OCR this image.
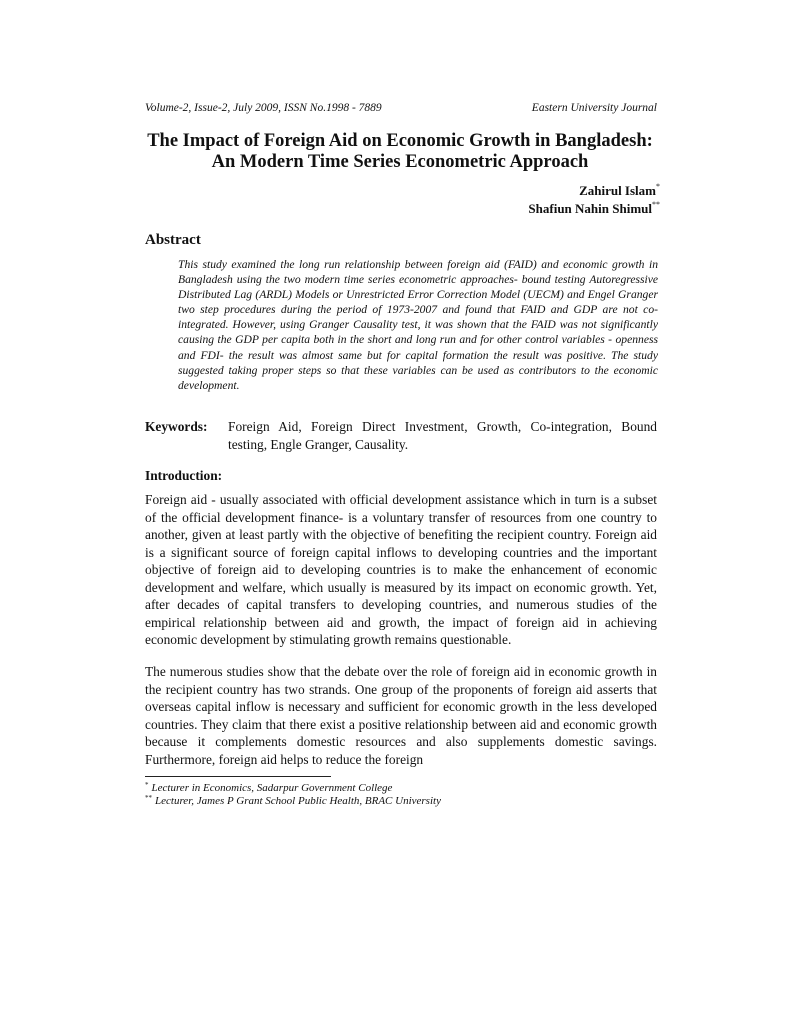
Volume-2, Issue-2, July 2009, ISSN No.1998 - 7889	Eastern University Journal
The Impact of Foreign Aid on Economic Growth in Bangladesh:
An Modern Time Series Econometric Approach
Zahirul Islam*
Shafiun Nahin Shimul**
Abstract
This study examined the long run relationship between foreign aid (FAID) and economic growth in Bangladesh using the two modern time series econometric approaches- bound testing Autoregressive Distributed Lag (ARDL) Models or Unrestricted Error Correction Model (UECM) and Engel Granger two step procedures during the period of 1973-2007 and found that FAID and GDP are not co-integrated. However, using Granger Causality test, it was shown that the FAID was not significantly causing the GDP per capita both in the short and long run and for other control variables - openness and FDI- the result was almost same but for capital formation the result was positive. The study suggested taking proper steps so that these variables can be used as contributors to the economic development.
Keywords: Foreign Aid, Foreign Direct Investment, Growth, Co-integration, Bound testing, Engle Granger, Causality.
Introduction:
Foreign aid - usually associated with official development assistance which in turn is a subset of the official development finance- is a voluntary transfer of resources from one country to another, given at least partly with the objective of benefiting the recipient country. Foreign aid is a significant source of foreign capital inflows to developing countries and the important objective of foreign aid to developing countries is to make the enhancement of economic development and welfare, which usually is measured by its impact on economic growth. Yet, after decades of capital transfers to developing countries, and numerous studies of the empirical relationship between aid and growth, the impact of foreign aid in achieving economic development by stimulating growth remains questionable.
The numerous studies show that the debate over the role of foreign aid in economic growth in the recipient country has two strands. One group of the proponents of foreign aid asserts that overseas capital inflow is necessary and sufficient for economic growth in the less developed countries. They claim that there exist a positive relationship between aid and economic growth because it complements domestic resources and also supplements domestic savings. Furthermore, foreign aid helps to reduce the foreign
* Lecturer in Economics, Sadarpur Government College
** Lecturer, James P Grant School Public Health, BRAC University
